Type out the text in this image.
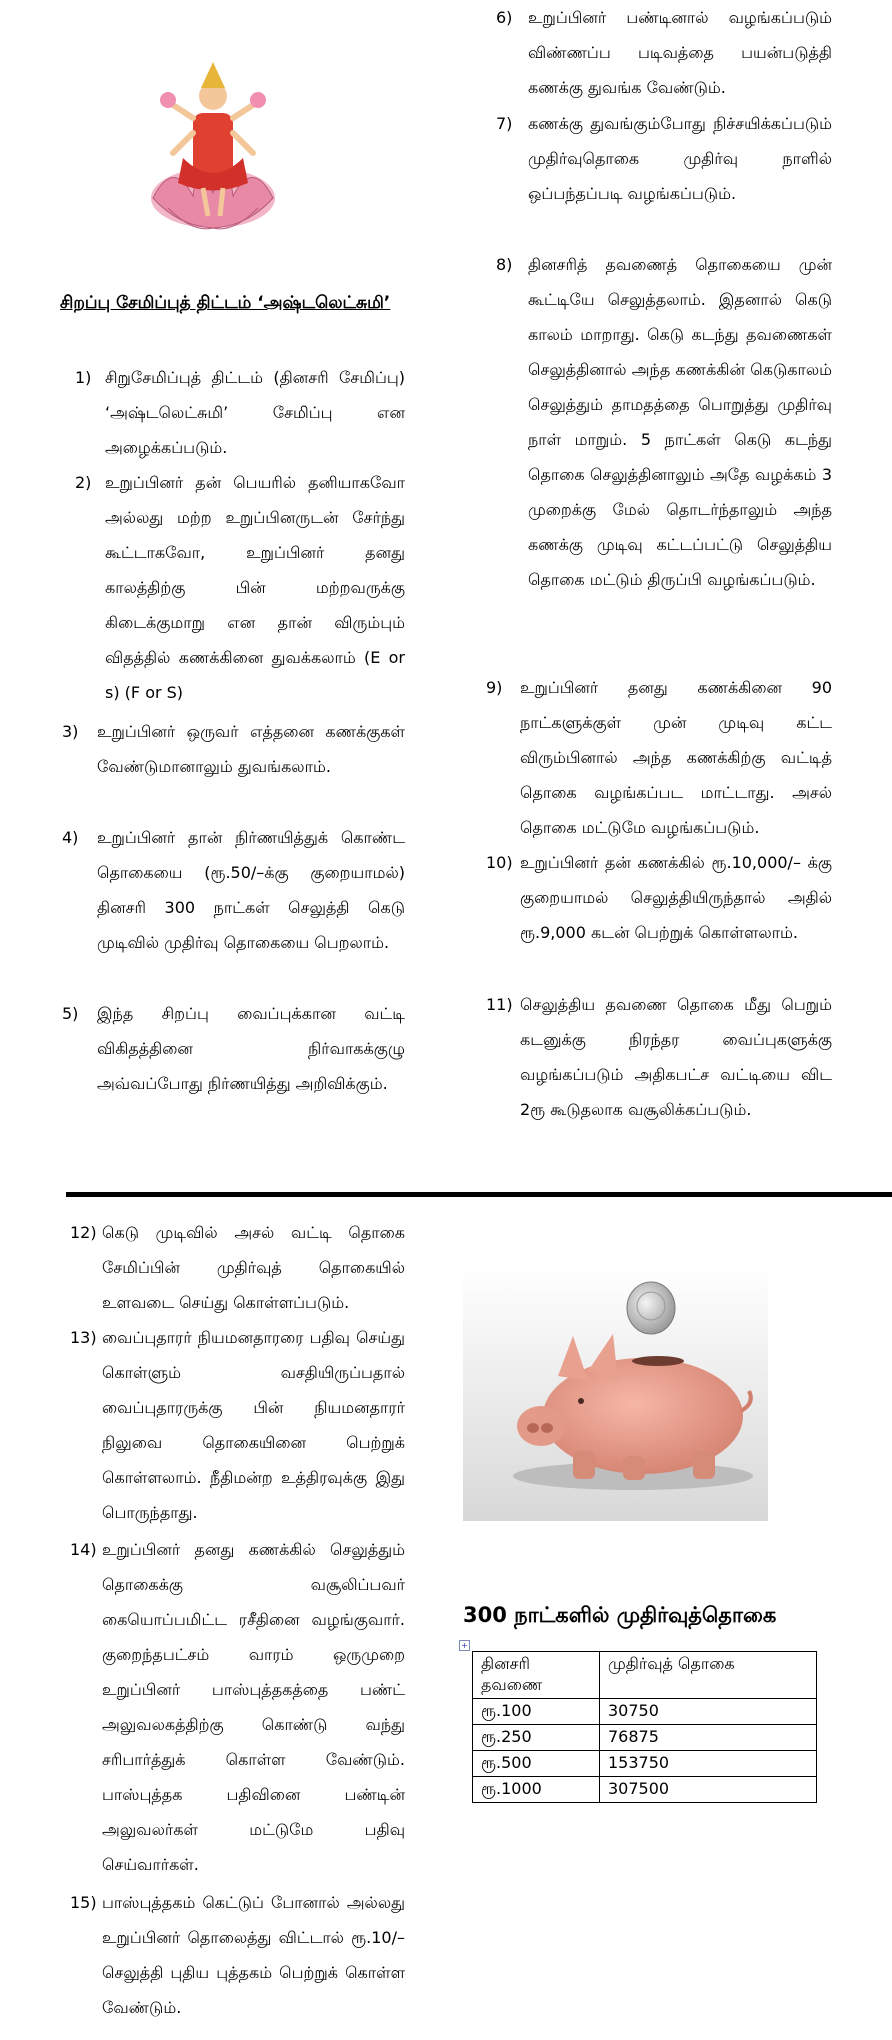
சிறப்பு சேமிப்புத் திட்டம் ‘அஷ்டலெட்சுமி’
1) சிறுசேமிப்புத் திட்டம் (தினசரி சேமிப்பு) ‘அஷ்டலெட்சுமி’ சேமிப்பு என அழைக்கப்படும்.
2) உறுப்பினர் தன் பெயரில் தனியாகவோ அல்லது மற்ற உறுப்பினருடன் சேர்ந்து கூட்டாகவோ, உறுப்பினர் தனது காலத்திற்கு பின் மற்றவருக்கு கிடைக்குமாறு என தான் விரும்பும் விதத்தில் கணக்கினை துவக்கலாம் (E or s) (F or S)
3) உறுப்பினர் ஒருவர் எத்தனை கணக்குகள் வேண்டுமானாலும் துவங்கலாம்.
4) உறுப்பினர் தான் நிர்ணயித்துக் கொண்ட தொகையை (ரூ.50/–க்கு குறையாமல்) தினசரி 300 நாட்கள் செலுத்தி கெடு முடிவில் முதிர்வு தொகையை பெறலாம்.
5) இந்த சிறப்பு வைப்புக்கான வட்டி விகிதத்தினை நிர்வாகக்குழு அவ்வப்போது நிர்ணயித்து அறிவிக்கும்.
6) உறுப்பினர் பண்டினால் வழங்கப்படும் விண்ணப்ப படிவத்தை பயன்படுத்தி கணக்கு துவங்க வேண்டும்.
7) கணக்கு துவங்கும்போது நிச்சயிக்கப்படும் முதிர்வுதொகை முதிர்வு நாளில் ஒப்பந்தப்படி வழங்கப்படும்.
8) தினசரித் தவணைத் தொகையை முன் கூட்டியே செலுத்தலாம். இதனால் கெடு காலம் மாறாது. கெடு கடந்து தவணைகள் செலுத்தினால் அந்த கணக்கின் கெடுகாலம் செலுத்தும் தாமதத்தை பொறுத்து முதிர்வு நாள் மாறும். 5 நாட்கள் கெடு கடந்து தொகை செலுத்தினாலும் அதே வழக்கம் 3 முறைக்கு மேல் தொடர்ந்தாலும் அந்த கணக்கு முடிவு கட்டப்பட்டு செலுத்திய தொகை மட்டும் திருப்பி வழங்கப்படும்.
9) உறுப்பினர் தனது கணக்கினை 90 நாட்களுக்குள் முன் முடிவு கட்ட விரும்பினால் அந்த கணக்கிற்கு வட்டித் தொகை வழங்கப்பட மாட்டாது. அசல் தொகை மட்டுமே வழங்கப்படும்.
10) உறுப்பினர் தன் கணக்கில் ரூ.10,000/– க்கு குறையாமல் செலுத்தியிருந்தால் அதில் ரூ.9,000 கடன் பெற்றுக் கொள்ளலாம்.
11) செலுத்திய தவணை தொகை மீது பெறும் கடனுக்கு நிரந்தர வைப்புகளுக்கு வழங்கப்படும் அதிகபட்ச வட்டியை விட 2ரூ கூடுதலாக வசூலிக்கப்படும்.
12) கெடு முடிவில் அசல் வட்டி தொகை சேமிப்பின் முதிர்வுத் தொகையில் உளவடை செய்து கொள்ளப்படும்.
13) வைப்புதாரர் நியமனதாரரை பதிவு செய்து கொள்ளும் வசதியிருப்பதால் வைப்புதாரருக்கு பின் நியமனதாரர் நிலுவை தொகையினை பெற்றுக் கொள்ளலாம். நீதிமன்ற உத்திரவுக்கு இது பொருந்தாது.
14) உறுப்பினர் தனது கணக்கில் செலுத்தும் தொகைக்கு வசூலிப்பவர் கையொப்பமிட்ட ரசீதினை வழங்குவார். குறைந்தபட்சம் வாரம் ஒருமுறை உறுப்பினர் பாஸ்புத்தகத்தை பண்ட் அலுவலகத்திற்கு கொண்டு வந்து சரிபார்த்துக் கொள்ள வேண்டும். பாஸ்புத்தக பதிவினை பண்டின் அலுவலர்கள் மட்டுமே பதிவு செய்வார்கள்.
15) பாஸ்புத்தகம் கெட்டுப் போனால் அல்லது உறுப்பினர் தொலைத்து விட்டால் ரூ.10/– செலுத்தி புதிய புத்தகம் பெற்றுக் கொள்ள வேண்டும்.
300 நாட்களில் முதிர்வுத்தொகை
+
தினசரி தவணை	முதிர்வுத் தொகை
ரூ.100	30750
ரூ.250	76875
ரூ.500	153750
ரூ.1000	307500
